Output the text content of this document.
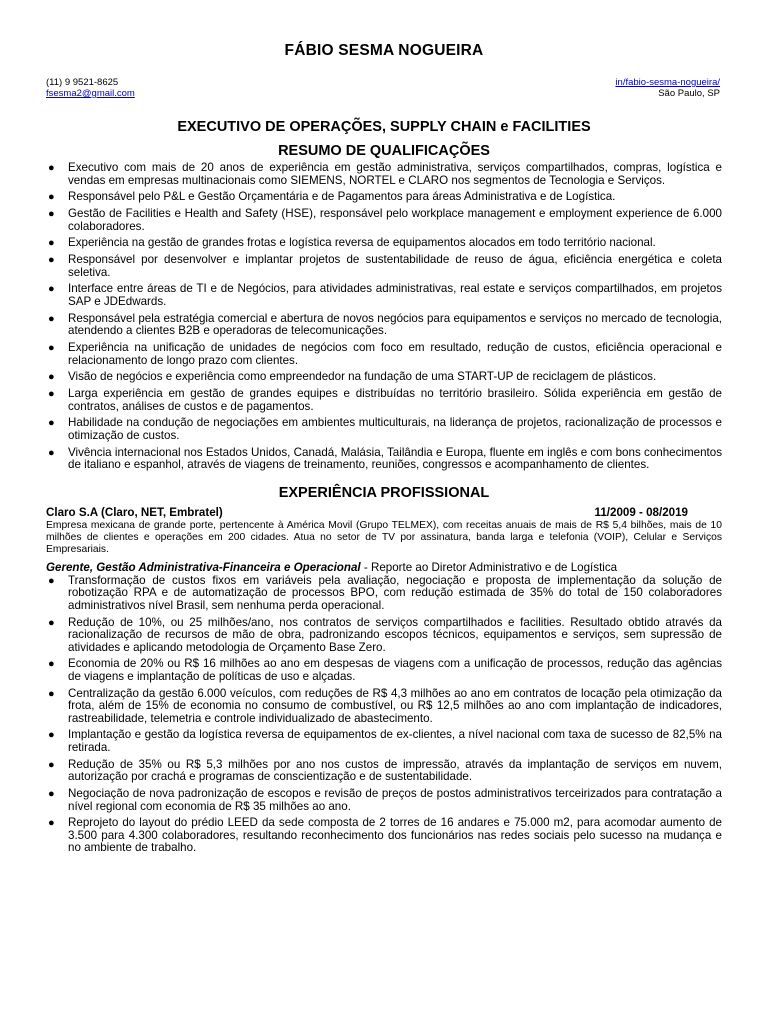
FÁBIO SESMA NOGUEIRA
(11) 9 9521-8625
fsesma2@gmail.com
in/fabio-sesma-nogueira/
São Paulo, SP
EXECUTIVO DE OPERAÇÕES, SUPPLY CHAIN e FACILITIES
RESUMO DE QUALIFICAÇÕES
● Executivo com mais de 20 anos de experiência em gestão administrativa, serviços compartilhados, compras, logística e vendas em empresas multinacionais como SIEMENS, NORTEL e CLARO nos segmentos de Tecnologia e Serviços.
● Responsável pelo P&L e Gestão Orçamentária e de Pagamentos para áreas Administrativa e de Logística.
● Gestão de Facilities e Health and Safety (HSE), responsável pelo workplace management e employment experience de 6.000 colaboradores.
● Experiência na gestão de grandes frotas e logística reversa de equipamentos alocados em todo território nacional.
● Responsável por desenvolver e implantar projetos de sustentabilidade de reuso de água, eficiência energética e coleta seletiva.
● Interface entre áreas de TI e de Negócios, para atividades administrativas, real estate e serviços compartilhados, em projetos SAP e JDEdwards.
● Responsável pela estratégia comercial e abertura de novos negócios para equipamentos e serviços no mercado de tecnologia, atendendo a clientes B2B e operadoras de telecomunicações.
● Experiência na unificação de unidades de negócios com foco em resultado, redução de custos, eficiência operacional e relacionamento de longo prazo com clientes.
● Visão de negócios e experiência como empreendedor na fundação de uma START-UP de reciclagem de plásticos.
● Larga experiência em gestão de grandes equipes e distribuídas no território brasileiro. Sólida experiência em gestão de contratos, análises de custos e de pagamentos.
● Habilidade na condução de negociações em ambientes multiculturais, na liderança de projetos, racionalização de processos e otimização de custos.
● Vivência internacional nos Estados Unidos, Canadá, Malásia, Tailândia e Europa, fluente em inglês e com bons conhecimentos de italiano e espanhol, através de viagens de treinamento, reuniões, congressos e acompanhamento de clientes.
EXPERIÊNCIA PROFISSIONAL
Claro S.A (Claro, NET, Embratel)	11/2009 - 08/2019
Empresa mexicana de grande porte, pertencente à América Movil (Grupo TELMEX), com receitas anuais de mais de R$ 5,4 bilhões, mais de 10 milhões de clientes e operações em 200 cidades. Atua no setor de TV por assinatura, banda larga e telefonia (VOIP), Celular e Serviços Empresariais.
Gerente, Gestão Administrativa-Financeira e Operacional - Reporte ao Diretor Administrativo e de Logística
● Transformação de custos fixos em variáveis pela avaliação, negociação e proposta de implementação da solução de robotização RPA e de automatização de processos BPO, com redução estimada de 35% do total de 150 colaboradores administrativos nível Brasil, sem nenhuma perda operacional.
● Redução de 10%, ou 25 milhões/ano, nos contratos de serviços compartilhados e facilities. Resultado obtido através da racionalização de recursos de mão de obra, padronizando escopos técnicos, equipamentos e serviços, sem supressão de atividades e aplicando metodologia de Orçamento Base Zero.
● Economia de 20% ou R$ 16 milhões ao ano em despesas de viagens com a unificação de processos, redução das agências de viagens e implantação de políticas de uso e alçadas.
● Centralização da gestão 6.000 veículos, com reduções de R$ 4,3 milhões ao ano em contratos de locação pela otimização da frota, além de 15% de economia no consumo de combustível, ou R$ 12,5 milhões ao ano com implantação de indicadores, rastreabilidade, telemetria e controle individualizado de abastecimento.
● Implantação e gestão da logística reversa de equipamentos de ex-clientes, a nível nacional com taxa de sucesso de 82,5% na retirada.
● Redução de 35% ou R$ 5,3 milhões por ano nos custos de impressão, através da implantação de serviços em nuvem, autorização por crachá e programas de conscientização e de sustentabilidade.
● Negociação de nova padronização de escopos e revisão de preços de postos administrativos terceirizados para contratação a nível regional com economia de R$ 35 milhões ao ano.
● Reprojeto do layout do prédio LEED da sede composta de 2 torres de 16 andares e 75.000 m2, para acomodar aumento de 3.500 para 4.300 colaboradores, resultando reconhecimento dos funcionários nas redes sociais pelo sucesso na mudança e no ambiente de trabalho.
